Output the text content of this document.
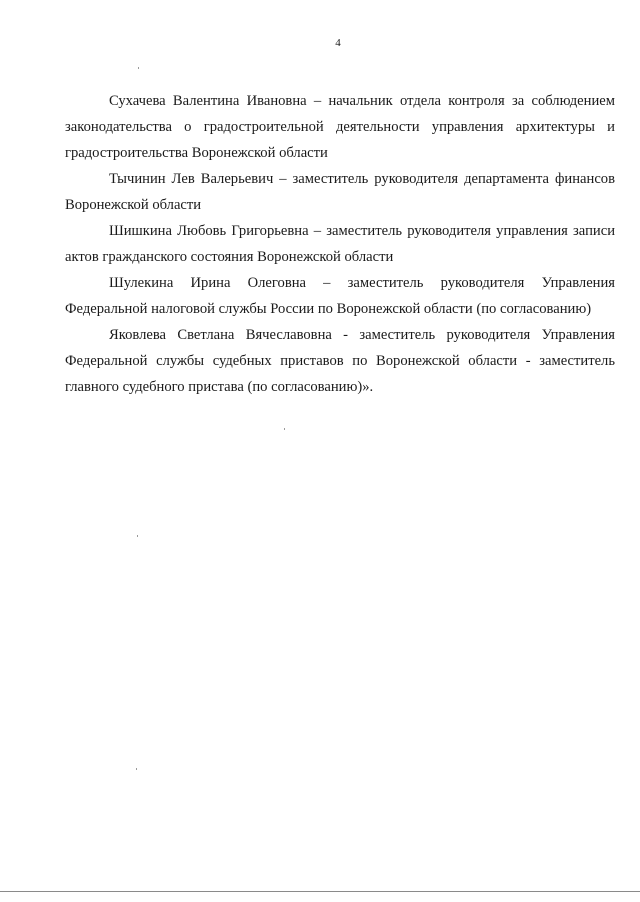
4

Сухачева Валентина Ивановна – начальник отдела контроля за соблюдением законодательства о градостроительной деятельности управления архитектуры и градостроительства Воронежской области

Тычинин Лев Валерьевич – заместитель руководителя департамента финансов Воронежской области

Шишкина Любовь Григорьевна – заместитель руководителя управления записи актов гражданского состояния Воронежской области

Шулекина Ирина Олеговна – заместитель руководителя Управления Федеральной налоговой службы России по Воронежской области (по согласованию)

Яковлева Светлана Вячеславовна - заместитель руководителя Управления Федеральной службы судебных приставов по Воронежской области - заместитель главного судебного пристава (по согласованию)».
